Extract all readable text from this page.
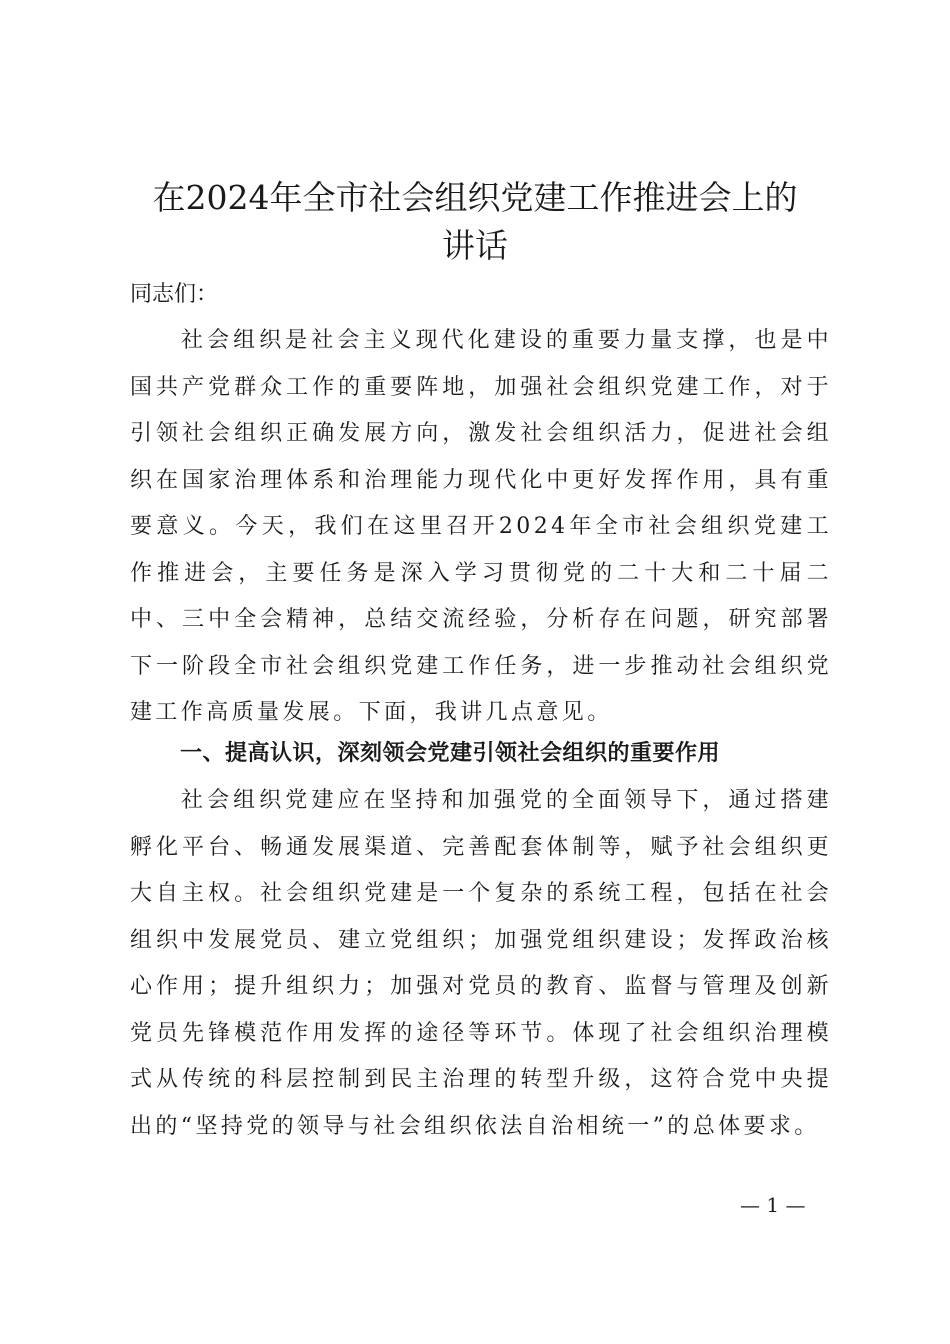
在2024年全市社会组织党建工作推进会上的
讲话

同志们：

社会组织是社会主义现代化建设的重要力量支撑，也是中国共产党群众工作的重要阵地，加强社会组织党建工作，对于引领社会组织正确发展方向，激发社会组织活力，促进社会组织在国家治理体系和治理能力现代化中更好发挥作用，具有重要意义。今天，我们在这里召开2024年全市社会组织党建工作推进会，主要任务是深入学习贯彻党的二十大和二十届二中、三中全会精神，总结交流经验，分析存在问题，研究部署下一阶段全市社会组织党建工作任务，进一步推动社会组织党建工作高质量发展。下面，我讲几点意见。

一、提高认识，深刻领会党建引领社会组织的重要作用

社会组织党建应在坚持和加强党的全面领导下，通过搭建孵化平台、畅通发展渠道、完善配套体制等，赋予社会组织更大自主权。社会组织党建是一个复杂的系统工程，包括在社会组织中发展党员、建立党组织；加强党组织建设；发挥政治核心作用；提升组织力；加强对党员的教育、监督与管理及创新党员先锋模范作用发挥的途径等环节。体现了社会组织治理模式从传统的科层控制到民主治理的转型升级，这符合党中央提出的“坚持党的领导与社会组织依法自治相统一”的总体要求。

— 1 —
